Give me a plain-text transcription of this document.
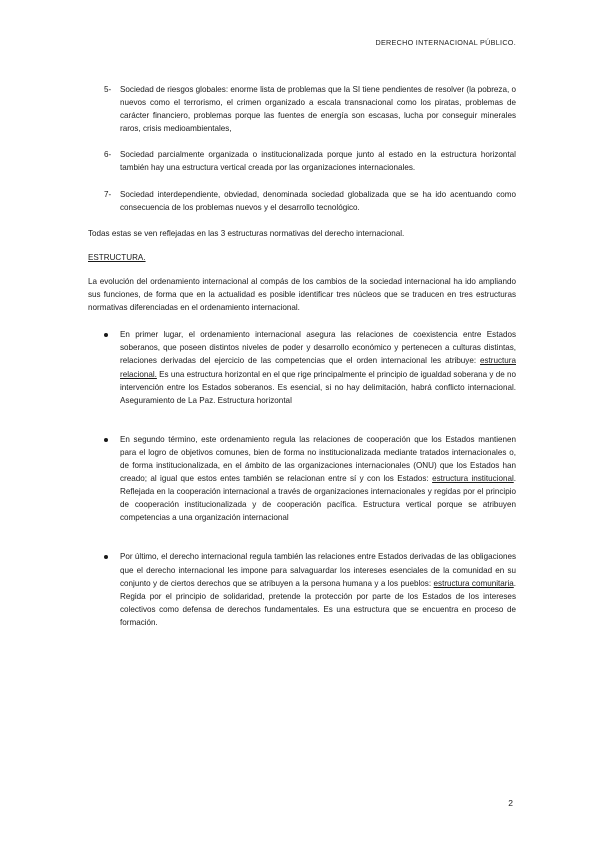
DERECHO INTERNACIONAL PÚBLICO.
5- Sociedad de riesgos globales: enorme lista de problemas que la SI tiene pendientes de resolver (la pobreza, o nuevos como el terrorismo, el crimen organizado a escala transnacional como los piratas, problemas de carácter financiero, problemas porque las fuentes de energía son escasas, lucha por conseguir minerales raros, crisis medioambientales,
6- Sociedad parcialmente organizada o institucionalizada porque junto al estado en la estructura horizontal también hay una estructura vertical creada por las organizaciones internacionales.
7- Sociedad interdependiente, obviedad, denominada sociedad globalizada que se ha ido acentuando como consecuencia de los problemas nuevos y el desarrollo tecnológico.
Todas estas se ven reflejadas en las 3 estructuras normativas del derecho internacional.
ESTRUCTURA.
La evolución del ordenamiento internacional al compás de los cambios de la sociedad internacional ha ido ampliando sus funciones, de forma que en la actualidad es posible identificar tres núcleos que se traducen en tres estructuras normativas diferenciadas en el ordenamiento internacional.
En primer lugar, el ordenamiento internacional asegura las relaciones de coexistencia entre Estados soberanos, que poseen distintos niveles de poder y desarrollo económico y pertenecen a culturas distintas, relaciones derivadas del ejercicio de las competencias que el orden internacional les atribuye: estructura relacional. Es una estructura horizontal en el que rige principalmente el principio de igualdad soberana y de no intervención entre los Estados soberanos. Es esencial, si no hay delimitación, habrá conflicto internacional. Aseguramiento de La Paz. Estructura horizontal
En segundo término, este ordenamiento regula las relaciones de cooperación que los Estados mantienen para el logro de objetivos comunes, bien de forma no institucionalizada mediante tratados internacionales o, de forma institucionalizada, en el ámbito de las organizaciones internacionales (ONU) que los Estados han creado; al igual que estos entes también se relacionan entre sí y con los Estados: estructura institucional. Reflejada en la cooperación internacional a través de organizaciones internacionales y regidas por el principio de cooperación institucionalizada y de cooperación pacífica. Estructura vertical porque se atribuyen competencias a una organización internacional
Por último, el derecho internacional regula también las relaciones entre Estados derivadas de las obligaciones que el derecho internacional les impone para salvaguardar los intereses esenciales de la comunidad en su conjunto y de ciertos derechos que se atribuyen a la persona humana y a los pueblos: estructura comunitaria. Regida por el principio de solidaridad, pretende la protección por parte de los Estados de los intereses colectivos como defensa de derechos fundamentales. Es una estructura que se encuentra en proceso de formación.
2
